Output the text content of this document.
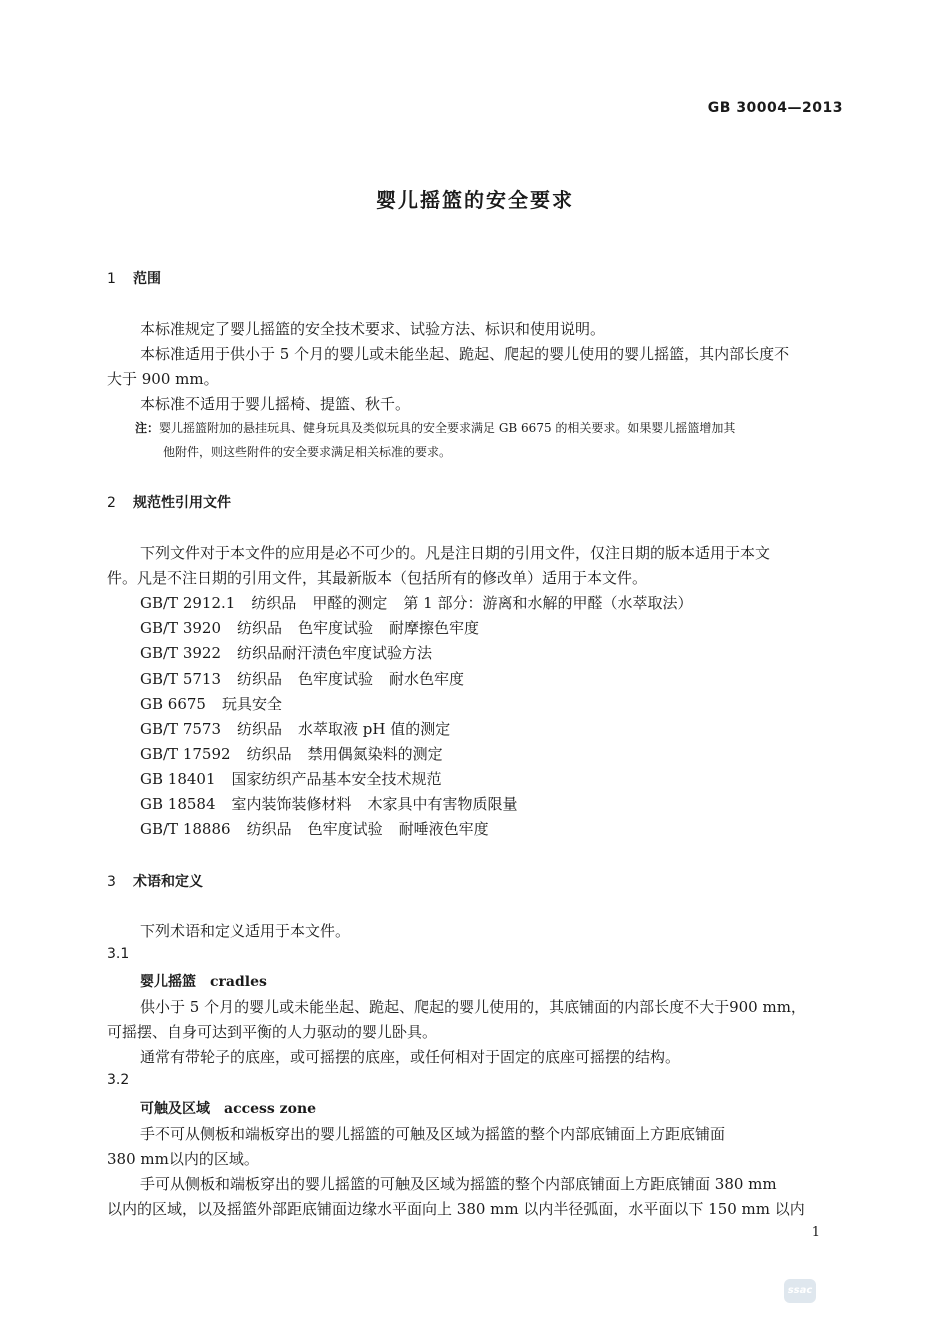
GB 30004—2013
婴儿摇篮的安全要求
1 范围
本标准规定了婴儿摇篮的安全技术要求、试验方法、标识和使用说明。
本标准适用于供小于 5 个月的婴儿或未能坐起、跪起、爬起的婴儿使用的婴儿摇篮，其内部长度不
大于 900 mm。
本标准不适用于婴儿摇椅、提篮、秋千。
注：婴儿摇篮附加的悬挂玩具、健身玩具及类似玩具的安全要求满足 GB 6675 的相关要求。如果婴儿摇篮增加其
他附件，则这些附件的安全要求满足相关标准的要求。
2 规范性引用文件
下列文件对于本文件的应用是必不可少的。凡是注日期的引用文件，仅注日期的版本适用于本文
件。凡是不注日期的引用文件，其最新版本（包括所有的修改单）适用于本文件。
GB/T 2912.1 纺织品 甲醛的测定 第 1 部分：游离和水解的甲醛（水萃取法）
GB/T 3920 纺织品 色牢度试验 耐摩擦色牢度
GB/T 3922 纺织品耐汗渍色牢度试验方法
GB/T 5713 纺织品 色牢度试验 耐水色牢度
GB 6675 玩具安全
GB/T 7573 纺织品 水萃取液 pH 值的测定
GB/T 17592 纺织品 禁用偶氮染料的测定
GB 18401 国家纺织产品基本安全技术规范
GB 18584 室内装饰装修材料 木家具中有害物质限量
GB/T 18886 纺织品 色牢度试验 耐唾液色牢度
3 术语和定义
下列术语和定义适用于本文件。
3.1
婴儿摇篮 cradles
供小于 5 个月的婴儿或未能坐起、跪起、爬起的婴儿使用的，其底铺面的内部长度不大于900 mm，
可摇摆、自身可达到平衡的人力驱动的婴儿卧具。
通常有带轮子的底座，或可摇摆的底座，或任何相对于固定的底座可摇摆的结构。
3.2
可触及区域 access zone
手不可从侧板和端板穿出的婴儿摇篮的可触及区域为摇篮的整个内部底铺面上方距底铺面
380 mm以内的区域。
手可从侧板和端板穿出的婴儿摇篮的可触及区域为摇篮的整个内部底铺面上方距底铺面 380 mm
以内的区域，以及摇篮外部距底铺面边缘水平面向上 380 mm 以内半径弧面，水平面以下 150 mm 以内
1
ssac
